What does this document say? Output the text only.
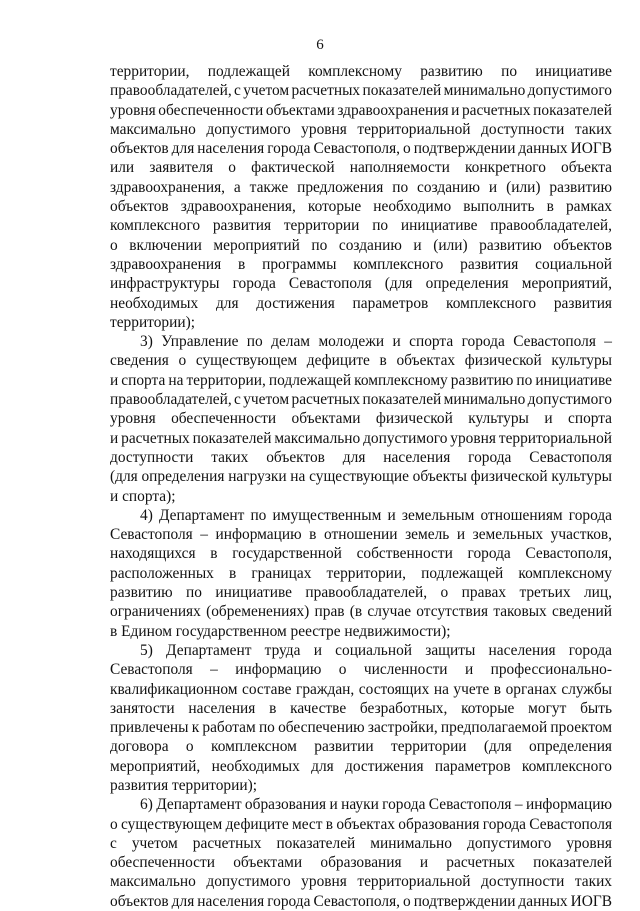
6
территории, подлежащей комплексному развитию по инициативе
правообладателей, с учетом расчетных показателей минимально допустимого
уровня обеспеченности объектами здравоохранения и расчетных показателей
максимально допустимого уровня территориальной доступности таких
объектов для населения города Севастополя, о подтверждении данных ИОГВ
или заявителя о фактической наполняемости конкретного объекта
здравоохранения, а также предложения по созданию и (или) развитию
объектов здравоохранения, которые необходимо выполнить в рамках
комплексного развития территории по инициативе правообладателей,
о включении мероприятий по созданию и (или) развитию объектов
здравоохранения в программы комплексного развития социальной
инфраструктуры города Севастополя (для определения мероприятий,
необходимых для достижения параметров комплексного развития
территории);
3) Управление по делам молодежи и спорта города Севастополя –
сведения о существующем дефиците в объектах физической культуры
и спорта на территории, подлежащей комплексному развитию по инициативе
правообладателей, с учетом расчетных показателей минимально допустимого
уровня обеспеченности объектами физической культуры и спорта
и расчетных показателей максимально допустимого уровня территориальной
доступности таких объектов для населения города Севастополя
(для определения нагрузки на существующие объекты физической культуры
и спорта);
4) Департамент по имущественным и земельным отношениям города
Севастополя – информацию в отношении земель и земельных участков,
находящихся в государственной собственности города Севастополя,
расположенных в границах территории, подлежащей комплексному
развитию по инициативе правообладателей, о правах третьих лиц,
ограничениях (обременениях) прав (в случае отсутствия таковых сведений
в Едином государственном реестре недвижимости);
5) Департамент труда и социальной защиты населения города
Севастополя – информацию о численности и профессионально-
квалификационном составе граждан, состоящих на учете в органах службы
занятости населения в качестве безработных, которые могут быть
привлечены к работам по обеспечению застройки, предполагаемой проектом
договора о комплексном развитии территории (для определения
мероприятий, необходимых для достижения параметров комплексного
развития территории);
6) Департамент образования и науки города Севастополя – информацию
о существующем дефиците мест в объектах образования города Севастополя
с учетом расчетных показателей минимально допустимого уровня
обеспеченности объектами образования и расчетных показателей
максимально допустимого уровня территориальной доступности таких
объектов для населения города Севастополя, о подтверждении данных ИОГВ
